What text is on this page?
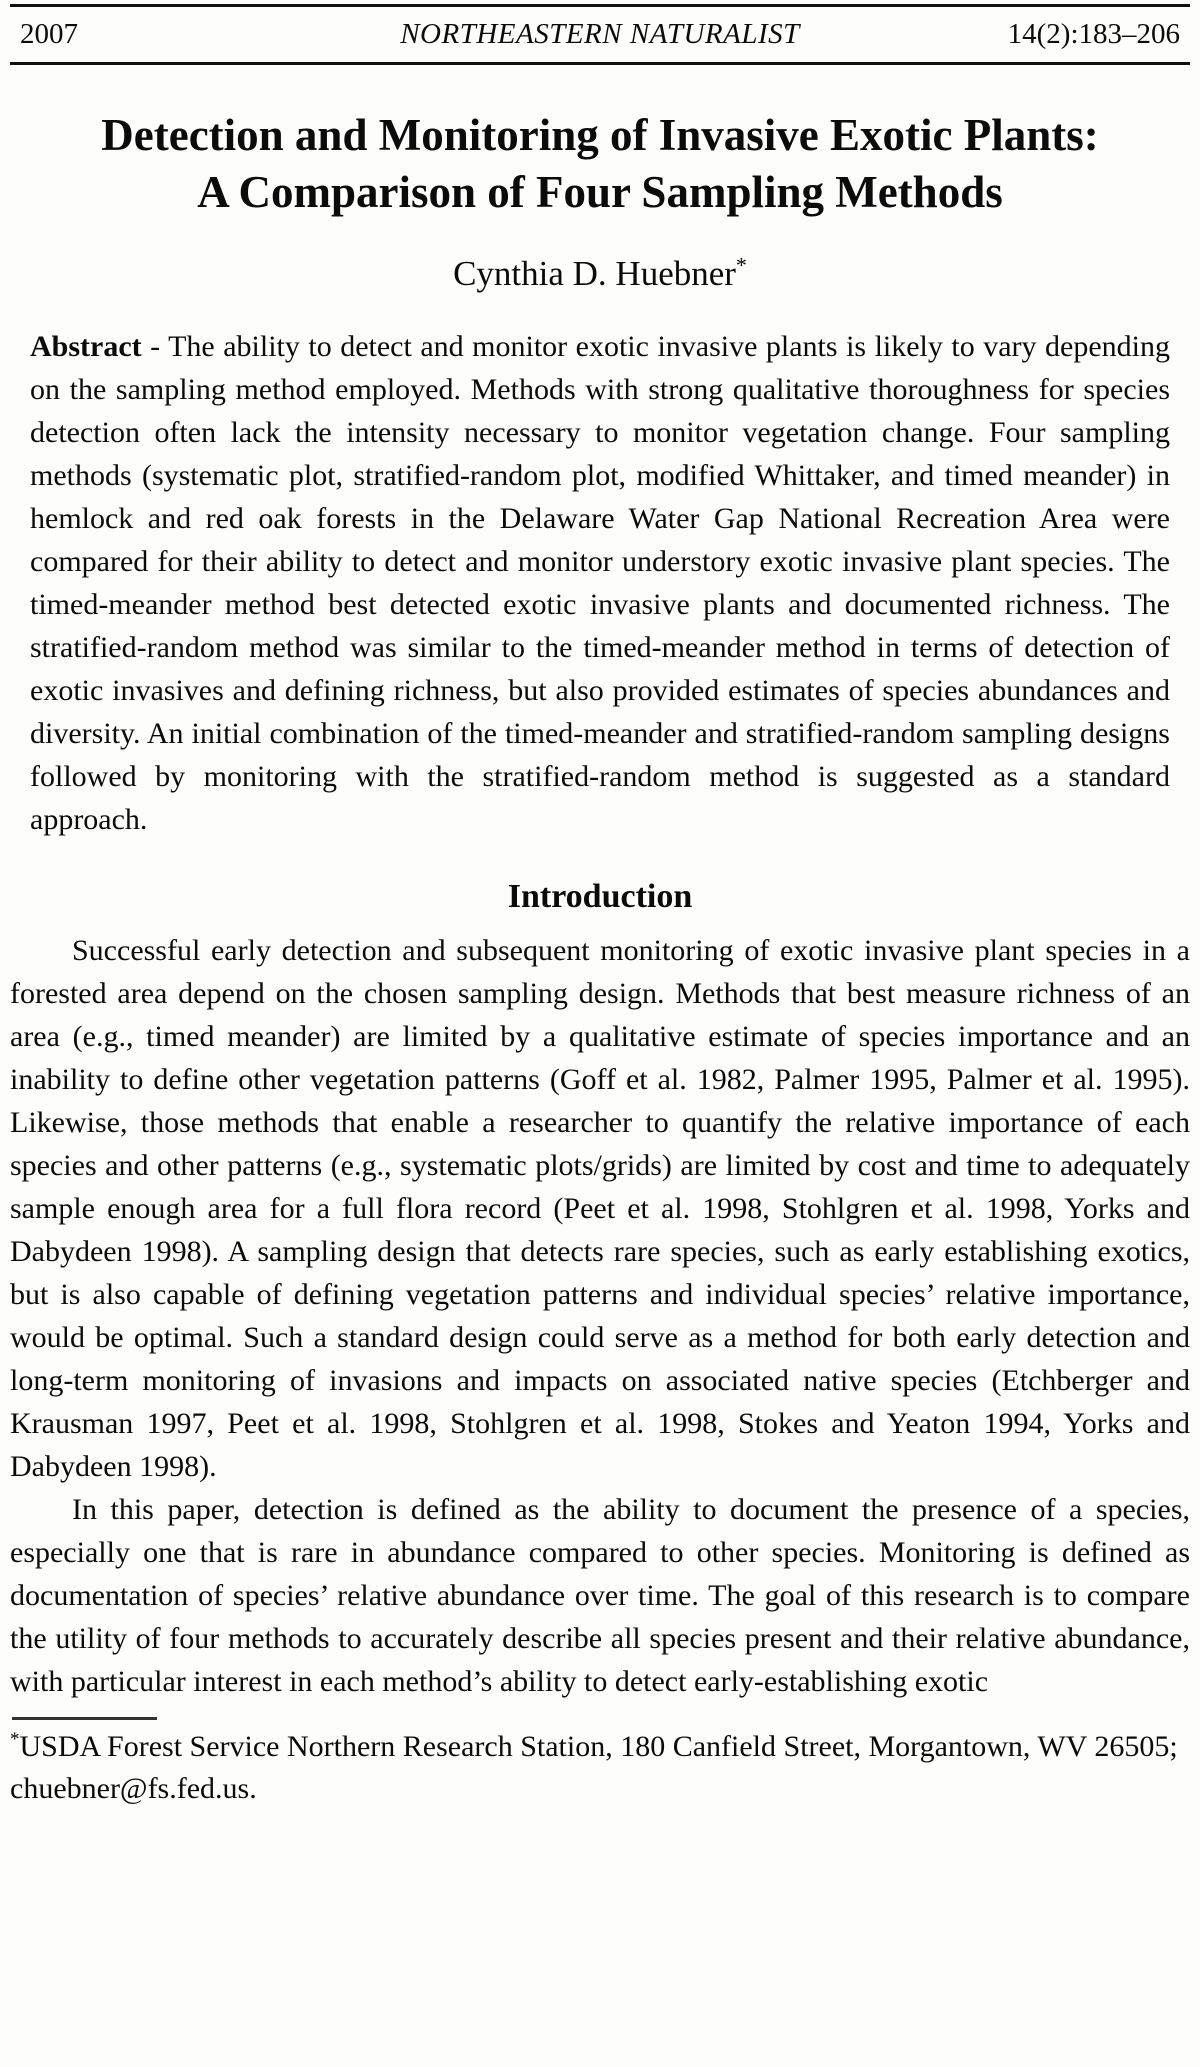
2007	NORTHEASTERN NATURALIST	14(2):183–206
Detection and Monitoring of Invasive Exotic Plants:
A Comparison of Four Sampling Methods
Cynthia D. Huebner*

Abstract - The ability to detect and monitor exotic invasive plants is likely to vary depending on the sampling method employed. Methods with strong qualitative thoroughness for species detection often lack the intensity necessary to monitor vegetation change. Four sampling methods (systematic plot, stratified-random plot, modified Whittaker, and timed meander) in hemlock and red oak forests in the Delaware Water Gap National Recreation Area were compared for their ability to detect and monitor understory exotic invasive plant species. The timed-meander method best detected exotic invasive plants and documented richness. The stratified-random method was similar to the timed-meander method in terms of detection of exotic invasives and defining richness, but also provided estimates of species abundances and diversity. An initial combination of the timed-meander and stratified-random sampling designs followed by monitoring with the stratified-random method is suggested as a standard approach.

Introduction

Successful early detection and subsequent monitoring of exotic invasive plant species in a forested area depend on the chosen sampling design. Methods that best measure richness of an area (e.g., timed meander) are limited by a qualitative estimate of species importance and an inability to define other vegetation patterns (Goff et al. 1982, Palmer 1995, Palmer et al. 1995). Likewise, those methods that enable a researcher to quantify the relative importance of each species and other patterns (e.g., systematic plots/grids) are limited by cost and time to adequately sample enough area for a full flora record (Peet et al. 1998, Stohlgren et al. 1998, Yorks and Dabydeen 1998). A sampling design that detects rare species, such as early establishing exotics, but is also capable of defining vegetation patterns and individual species’ relative importance, would be optimal. Such a standard design could serve as a method for both early detection and long-term monitoring of invasions and impacts on associated native species (Etchberger and Krausman 1997, Peet et al. 1998, Stohlgren et al. 1998, Stokes and Yeaton 1994, Yorks and Dabydeen 1998).

In this paper, detection is defined as the ability to document the presence of a species, especially one that is rare in abundance compared to other species. Monitoring is defined as documentation of species’ relative abundance over time. The goal of this research is to compare the utility of four methods to accurately describe all species present and their relative abundance, with particular interest in each method’s ability to detect early-establishing exotic

*USDA Forest Service Northern Research Station, 180 Canfield Street, Morgantown, WV 26505; chuebner@fs.fed.us.
